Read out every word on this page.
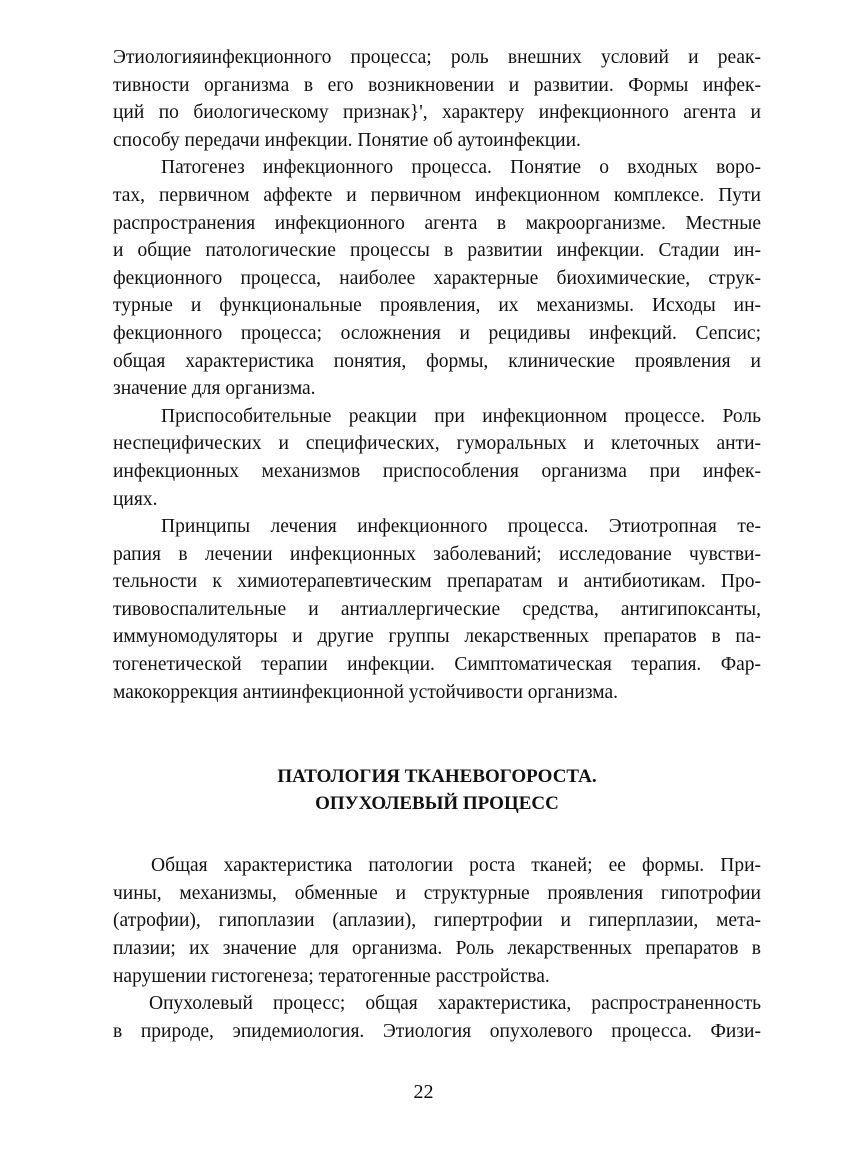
Этиологияинфекционного процесса; роль внешних условий и реак-
тивности организма в его возникновении и развитии. Формы инфек-
ций по биологическому признак}', характеру инфекционного агента и
способу передачи инфекции. Понятие об аутоинфекции.
Патогенез инфекционного процесса. Понятие о входных воро-
тах, первичном аффекте и первичном инфекционном комплексе. Пути
распространения инфекционного агента в макроорганизме. Местные
и общие патологические процессы в развитии инфекции. Стадии ин-
фекционного процесса, наиболее характерные биохимические, струк-
турные и функциональные проявления, их механизмы. Исходы ин-
фекционного процесса; осложнения и рецидивы инфекций. Сепсис;
общая характеристика понятия, формы, клинические проявления и
значение для организма.
Приспособительные реакции при инфекционном процессе. Роль
неспецифических и специфических, гуморальных и клеточных анти-
инфекционных механизмов приспособления организма при инфек-
циях.
Принципы лечения инфекционного процесса. Этиотропная те-
рапия в лечении инфекционных заболеваний; исследование чувстви-
тельности к химиотерапевтическим препаратам и антибиотикам. Про-
тивовоспалительные и антиаллергические средства, антигипоксанты,
иммуномодуляторы и другие группы лекарственных препаратов в па-
тогенетической терапии инфекции. Симптоматическая терапия. Фар-
макокоррекция антиинфекционной устойчивости организма.
ПАТОЛОГИЯ ТКАНЕВОГОРОСТА.
ОПУХОЛЕВЫЙ ПРОЦЕСС
Общая характеристика патологии роста тканей; ее формы. При-
чины, механизмы, обменные и структурные проявления гипотрофии
(атрофии), гипоплазии (аплазии), гипертрофии и гиперплазии, мета-
плазии; их значение для организма. Роль лекарственных препаратов в
нарушении гистогенеза; тератогенные расстройства.
Опухолевый процесс; общая характеристика, распространенность
в природе, эпидемиология. Этиология опухолевого процесса. Физи-
22
